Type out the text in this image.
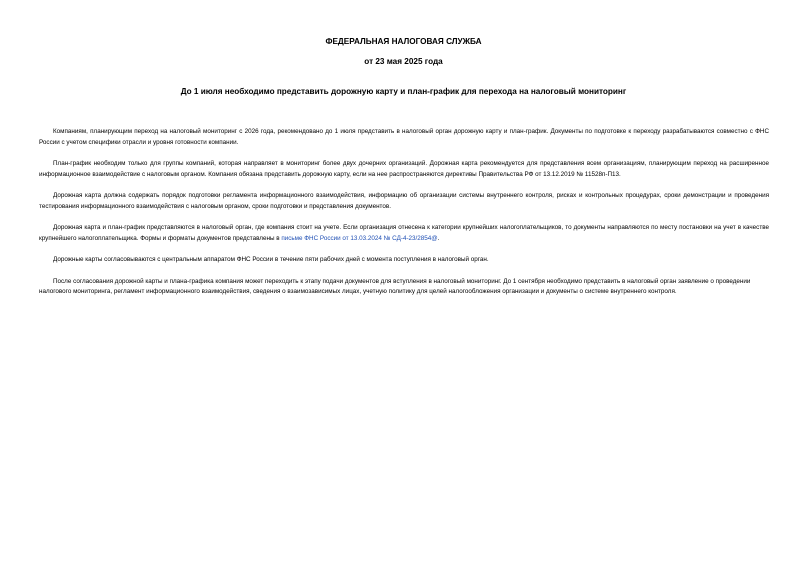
ФЕДЕРАЛЬНАЯ НАЛОГОВАЯ СЛУЖБА
от 23 мая 2025 года
До 1 июля необходимо представить дорожную карту и план-график для перехода на налоговый мониторинг

Компаниям, планирующим переход на налоговый мониторинг с 2026 года, рекомендовано до 1 июля представить в налоговый орган дорожную карту и план-график. Документы по подготовке к переходу разрабатываются совместно с ФНС России с учетом специфики отрасли и уровня готовности компании.

План-график необходим только для группы компаний, которая направляет в мониторинг более двух дочерних организаций. Дорожная карта рекомендуется для представления всем организациям, планирующим переход на расширенное информационное взаимодействие с налоговым органом. Компания обязана представить дорожную карту, если на нее распространяются директивы Правительства РФ от 13.12.2019 № 11528п-П13.

Дорожная карта должна содержать порядок подготовки регламента информационного взаимодействия, информацию об организации системы внутреннего контроля, рисках и контрольных процедурах, сроки демонстрации и проведения тестирования информационного взаимодействия с налоговым органом, сроки подготовки и представления документов.

Дорожная карта и план-график представляются в налоговый орган, где компания стоит на учете. Если организация отнесена к категории крупнейших налогоплательщиков, то документы направляются по месту постановки на учет в качестве крупнейшего налогоплательщика. Формы и форматы документов представлены в письме ФНС России от 13.03.2024 № СД-4-23/2854@.

Дорожные карты согласовываются с центральным аппаратом ФНС России в течение пяти рабочих дней с момента поступления в налоговый орган.

После согласования дорожной карты и плана-графика компания может переходить к этапу подачи документов для вступления в налоговый мониторинг. До 1 сентября необходимо представить в налоговый орган заявление о проведении налогового мониторинга, регламент информационного взаимодействия, сведения о взаимозависимых лицах, учетную политику для целей налогообложения организации и документы о системе внутреннего контроля.
